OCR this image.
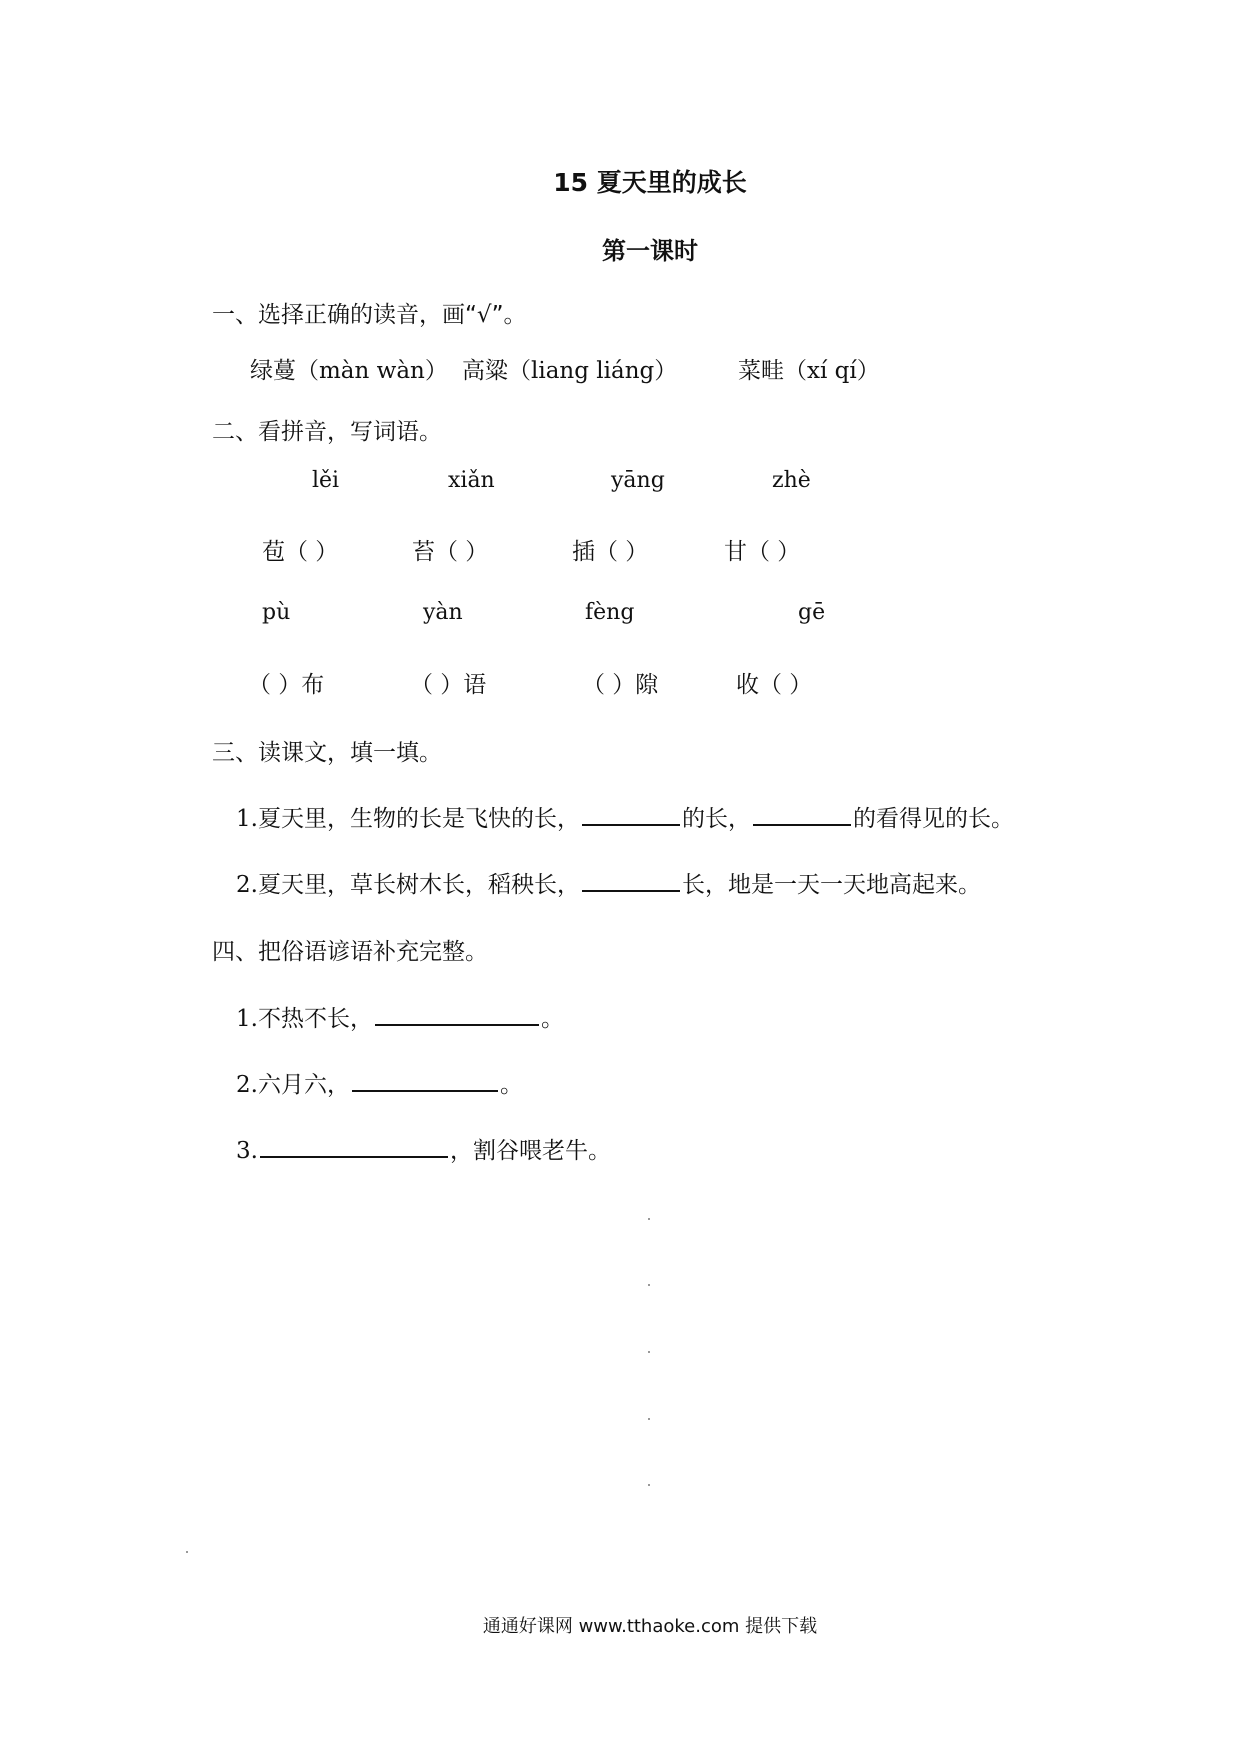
15 夏天里的成长
第一课时
一、选择正确的读音，画“√”。
绿蔓（màn wàn） 高粱（liang liáng）	菜畦（xí qí）
二、看拼音，写词语。
lěi	xiǎn	yāng	zhè
苞（ ）	苔（ ）	插（ ）	甘（ ）
pù	yàn	fèng	gē
（ ）布	（ ）语	（ ）隙	收（ ）
三、读课文，填一填。
1.夏天里，生物的长是飞快的长，	的长，	的看得见的长。
2.夏天里，草长树木长，稻秧长，	长，地是一天一天地高起来。
四、把俗语谚语补充完整。
1.不热不长，	。
2.六月六，	。
3.	，割谷喂老牛。
通通好课网 www.tthaoke.com 提供下载
